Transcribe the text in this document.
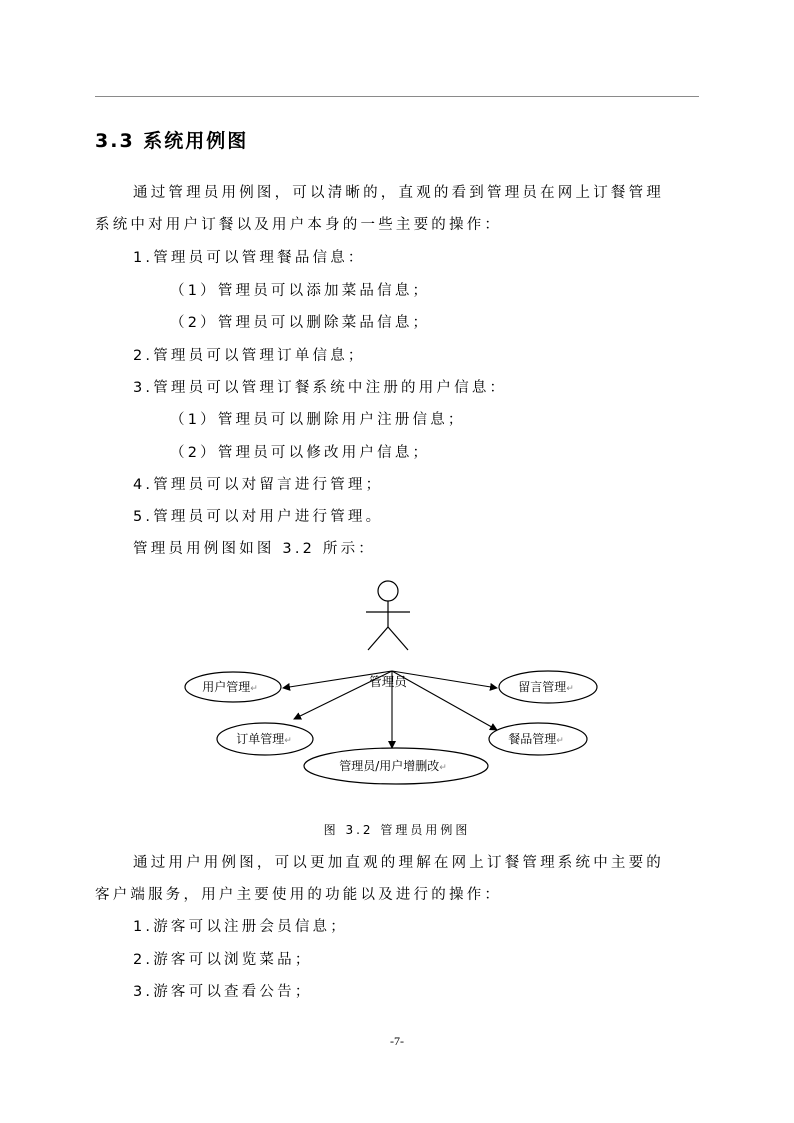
3.3 系统用例图
通过管理员用例图，可以清晰的，直观的看到管理员在网上订餐管理
系统中对用户订餐以及用户本身的一些主要的操作：
1.管理员可以管理餐品信息：
（1）管理员可以添加菜品信息；
（2）管理员可以删除菜品信息；
2.管理员可以管理订单信息；
3.管理员可以管理订餐系统中注册的用户信息：
（1）管理员可以删除用户注册信息；
（2）管理员可以修改用户信息；
4.管理员可以对留言进行管理；
5.管理员可以对用户进行管理。
管理员用例图如图 3.2 所示：
管理员
用户管理↵	留言管理↵
订单管理↵	餐品管理↵
管理员/用户增删改↵
图 3.2 管理员用例图
通过用户用例图，可以更加直观的理解在网上订餐管理系统中主要的
客户端服务，用户主要使用的功能以及进行的操作：
1.游客可以注册会员信息；
2.游客可以浏览菜品；
3.游客可以查看公告；
-7-
